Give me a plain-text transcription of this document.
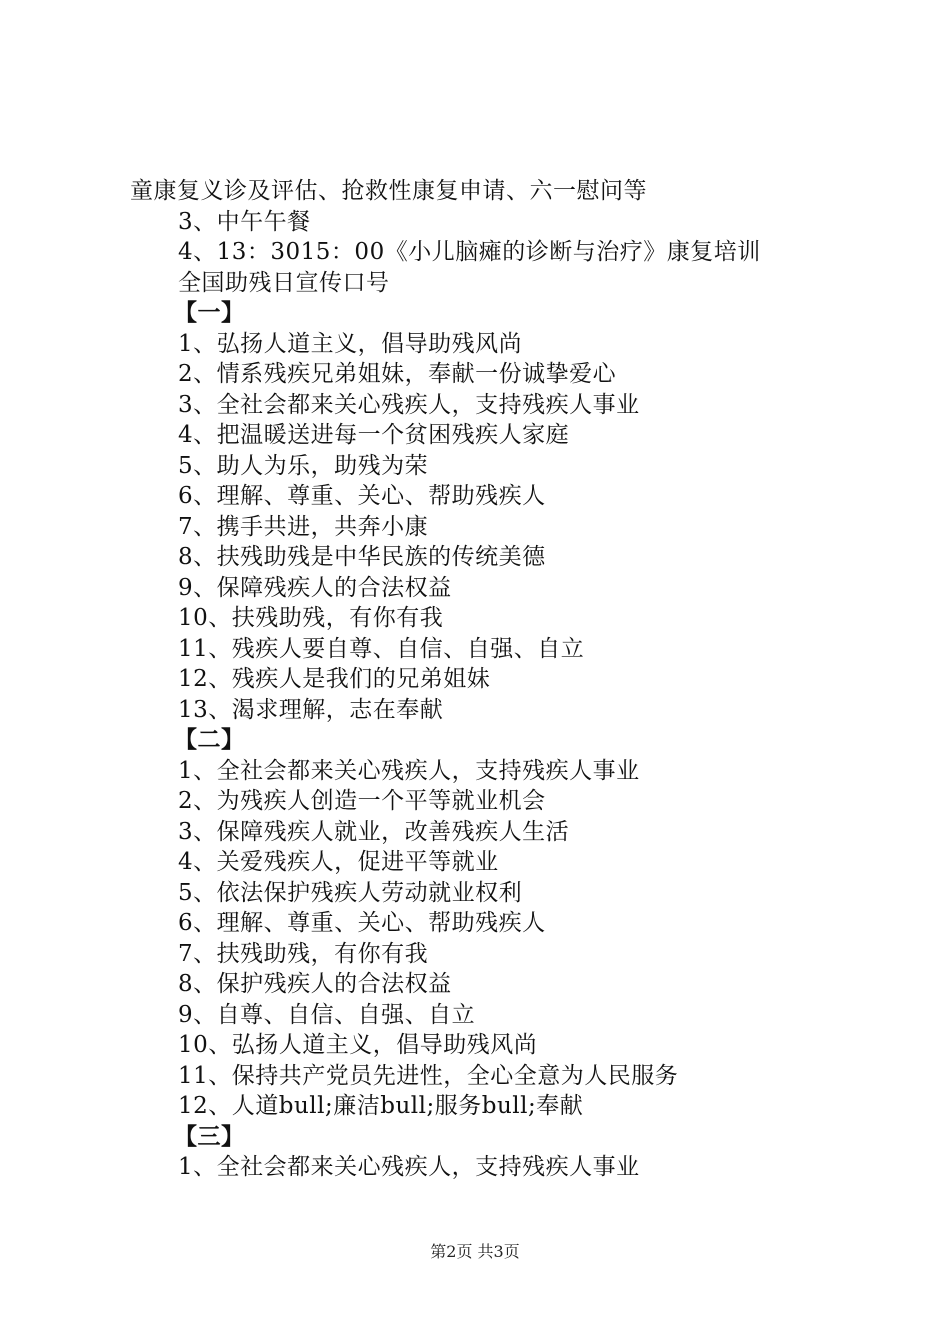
童康复义诊及评估、抢救性康复申请、六一慰问等
3、中午午餐
4、13：3015：00《小儿脑瘫的诊断与治疗》康复培训
全国助残日宣传口号
【一】
1、弘扬人道主义，倡导助残风尚
2、情系残疾兄弟姐妹，奉献一份诚挚爱心
3、全社会都来关心残疾人，支持残疾人事业
4、把温暖送进每一个贫困残疾人家庭
5、助人为乐，助残为荣
6、理解、尊重、关心、帮助残疾人
7、携手共进，共奔小康
8、扶残助残是中华民族的传统美德
9、保障残疾人的合法权益
10、扶残助残，有你有我
11、残疾人要自尊、自信、自强、自立
12、残疾人是我们的兄弟姐妹
13、渴求理解，志在奉献
【二】
1、全社会都来关心残疾人，支持残疾人事业
2、为残疾人创造一个平等就业机会
3、保障残疾人就业，改善残疾人生活
4、关爱残疾人，促进平等就业
5、依法保护残疾人劳动就业权利
6、理解、尊重、关心、帮助残疾人
7、扶残助残，有你有我
8、保护残疾人的合法权益
9、自尊、自信、自强、自立
10、弘扬人道主义，倡导助残风尚
11、保持共产党员先进性，全心全意为人民服务
12、人道bull;廉洁bull;服务bull;奉献
【三】
1、全社会都来关心残疾人，支持残疾人事业
第2页 共3页
